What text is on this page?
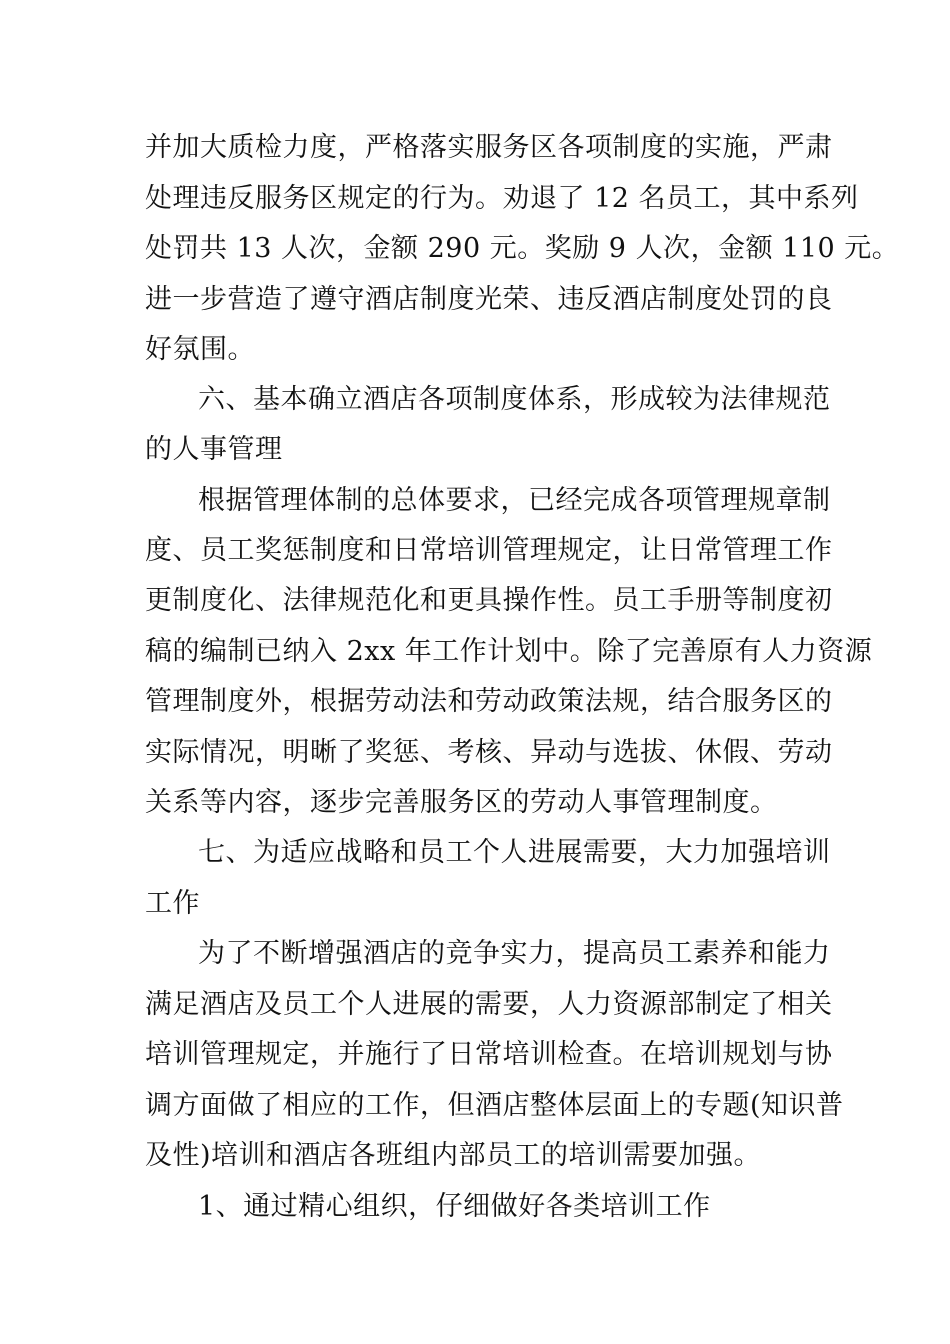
并加大质检力度，严格落实服务区各项制度的实施，严肃
处理违反服务区规定的行为。劝退了 12 名员工，其中系列
处罚共 13 人次，金额 290 元。奖励 9 人次，金额 110 元。
进一步营造了遵守酒店制度光荣、违反酒店制度处罚的良
好氛围。
六、基本确立酒店各项制度体系，形成较为法律规范
的人事管理
根据管理体制的总体要求，已经完成各项管理规章制
度、员工奖惩制度和日常培训管理规定，让日常管理工作
更制度化、法律规范化和更具操作性。员工手册等制度初
稿的编制已纳入 2xx 年工作计划中。除了完善原有人力资源
管理制度外，根据劳动法和劳动政策法规，结合服务区的
实际情况，明晰了奖惩、考核、异动与选拔、休假、劳动
关系等内容，逐步完善服务区的劳动人事管理制度。
七、为适应战略和员工个人进展需要，大力加强培训
工作
为了不断增强酒店的竞争实力，提高员工素养和能力
满足酒店及员工个人进展的需要，人力资源部制定了相关
培训管理规定，并施行了日常培训检查。在培训规划与协
调方面做了相应的工作，但酒店整体层面上的专题(知识普
及性)培训和酒店各班组内部员工的培训需要加强。
1、通过精心组织，仔细做好各类培训工作
